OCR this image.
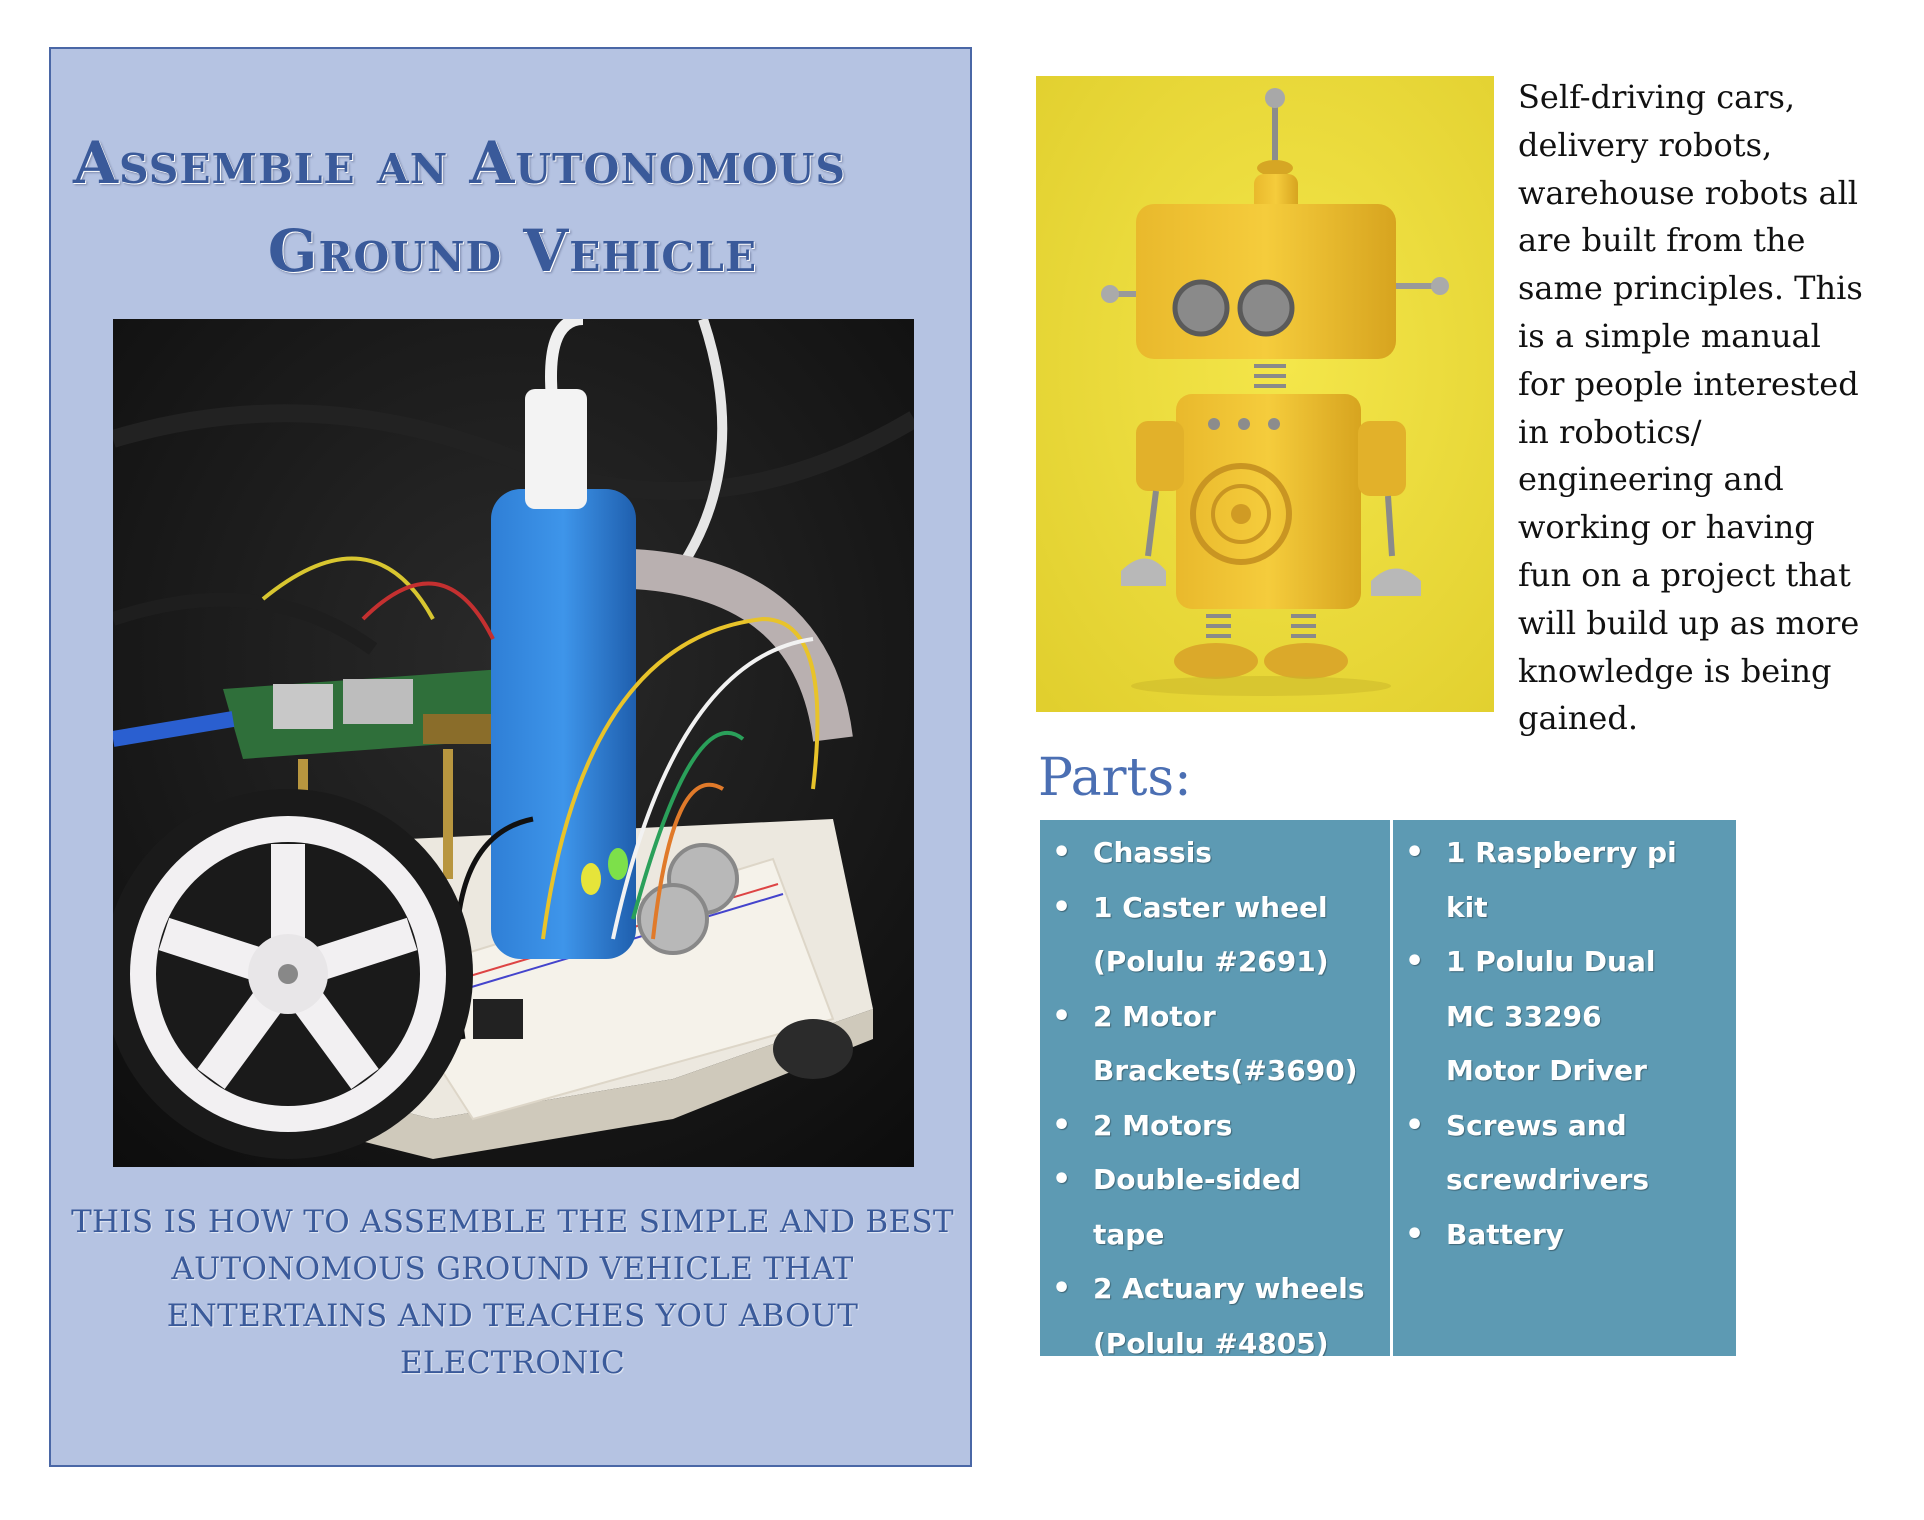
Assemble an Autonomous
Ground Vehicle
THIS IS HOW TO ASSEMBLE THE SIMPLE AND BEST
AUTONOMOUS GROUND VEHICLE THAT
ENTERTAINS AND TEACHES YOU ABOUT
ELECTRONIC
Self-driving cars,
delivery robots,
warehouse robots all
are built from the
same principles. This
is a simple manual
for people interested
in robotics/
engineering and
working or having
fun on a project that
will build up as more
knowledge is being
gained.
Parts:
• Chassis
• 1 Caster wheel
(Polulu #2691)
• 2 Motor
Brackets(#3690)
• 2 Motors
• Double-sided
tape
• 2 Actuary wheels
(Polulu #4805)
• 1 Raspberry pi
kit
• 1 Polulu Dual
MC 33296
Motor Driver
• Screws and
screwdrivers
• Battery
